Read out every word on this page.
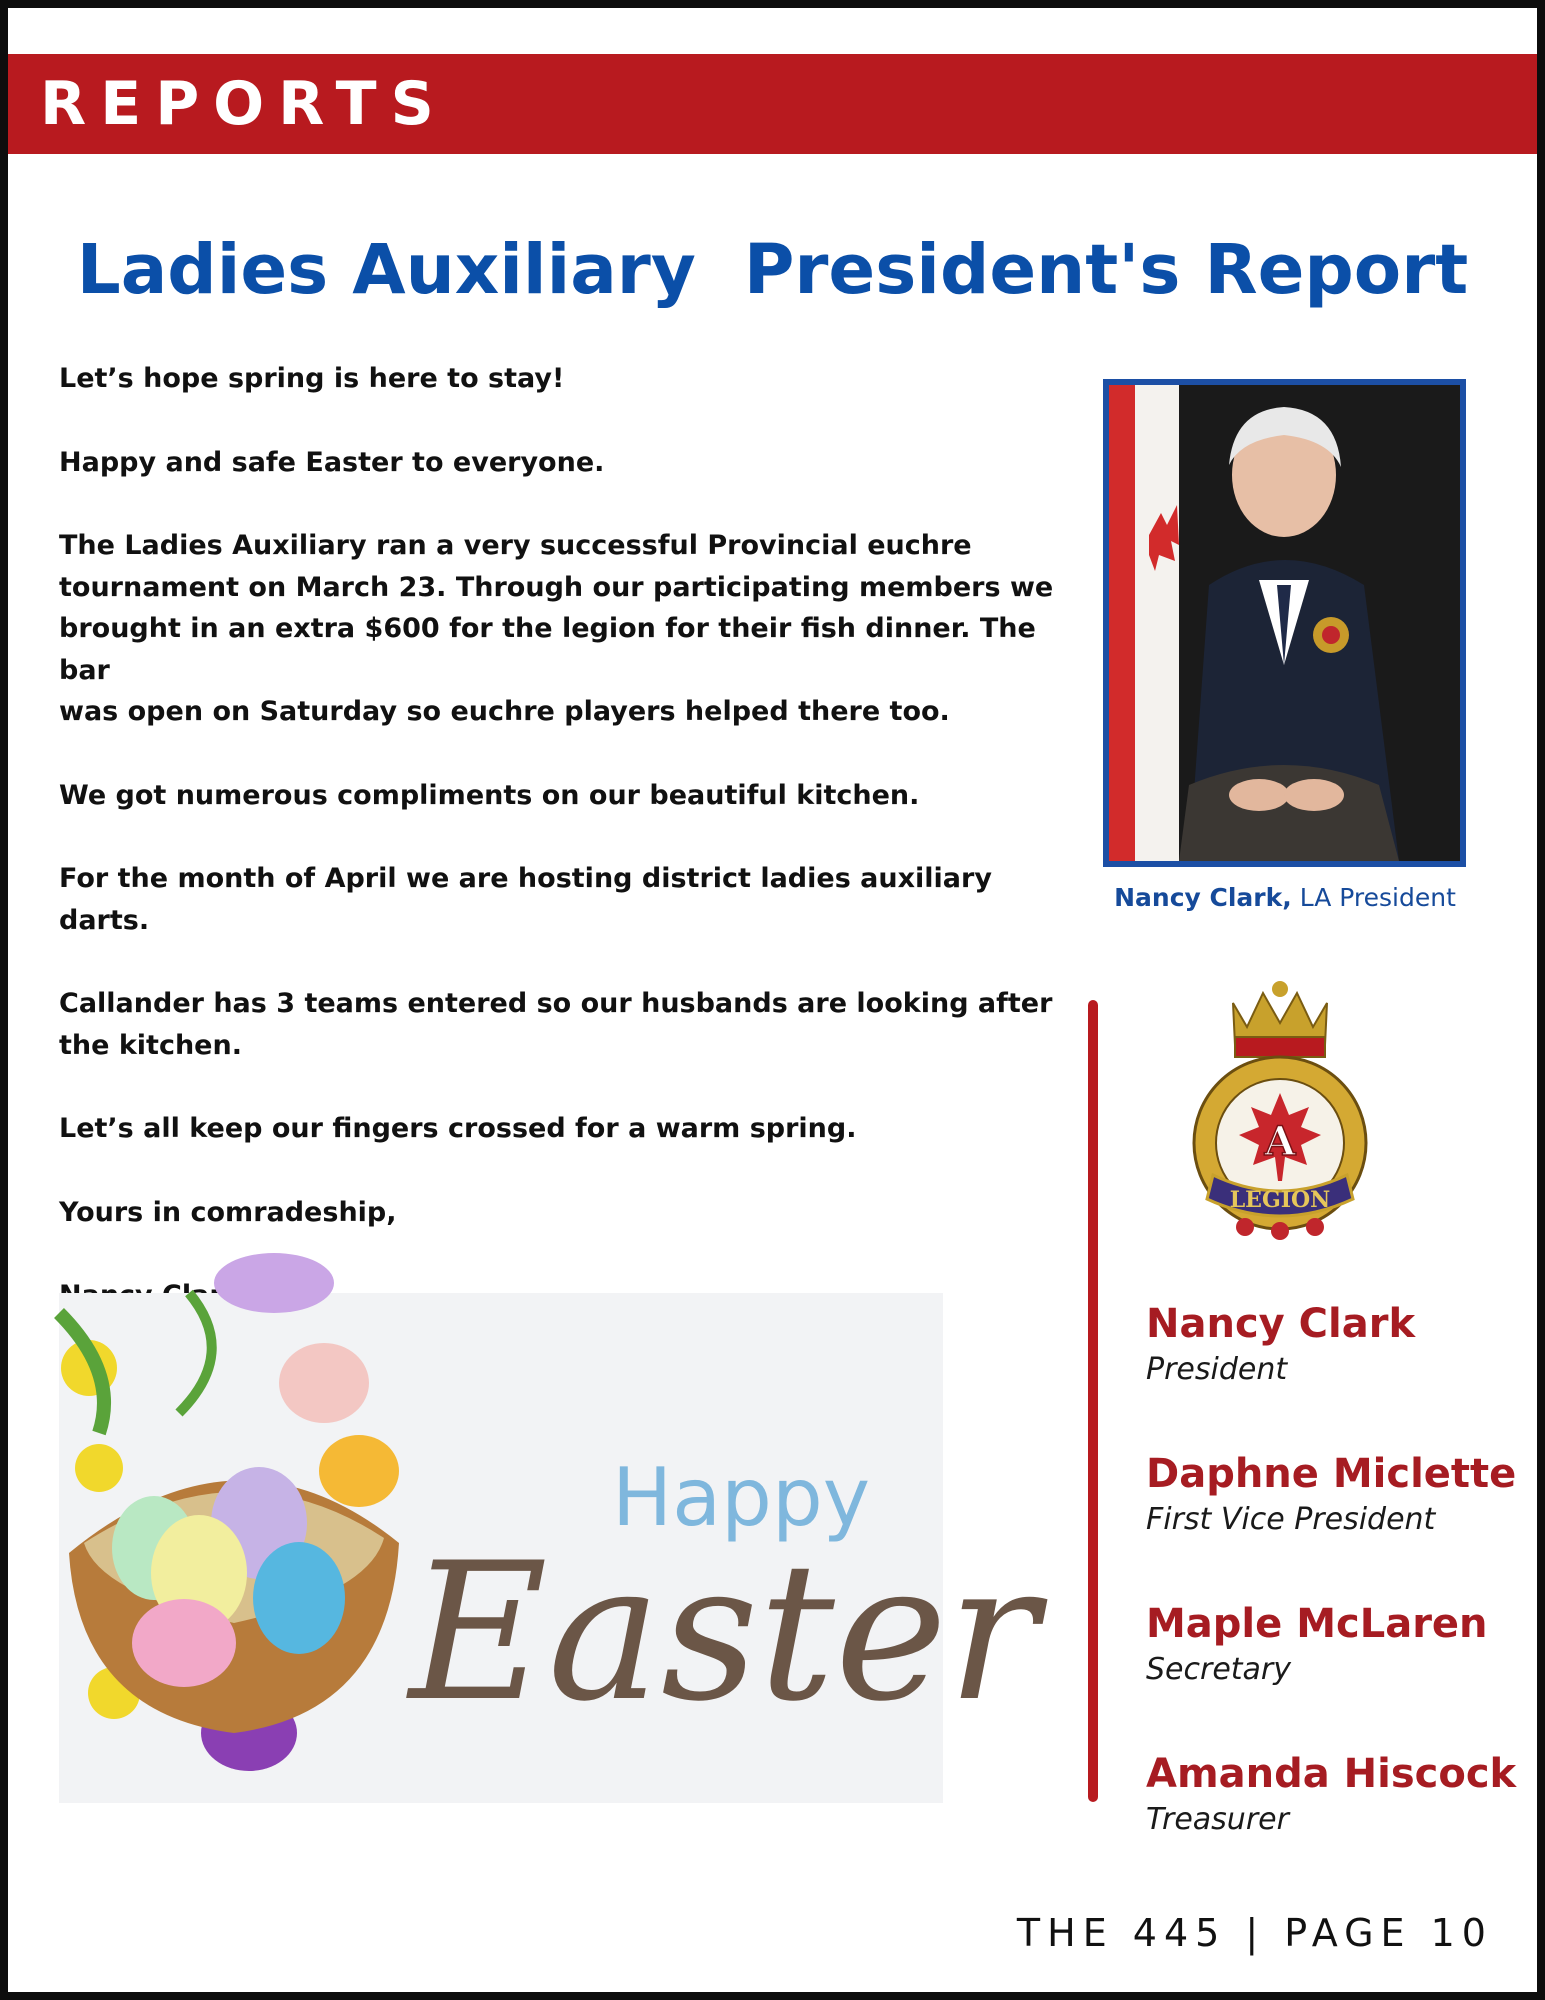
REPORTS
Ladies Auxiliary  President's Report

Let’s hope spring is here to stay!

Happy and safe Easter to everyone.

The Ladies Auxiliary ran a very successful Provincial euchre
tournament on March 23. Through our participating members we
brought in an extra $600 for the legion for their fish dinner. The bar
was open on Saturday so euchre players helped there too.

We got numerous compliments on our beautiful kitchen.

For the month of April we are hosting district ladies auxiliary darts.

Callander has 3 teams entered so our husbands are looking after
the kitchen.

Let’s all keep our fingers crossed for a warm spring.

Yours in comradeship,

Nancy Clark, LA President
A
LEGION
Nancy Clark
President
Daphne Miclette
First Vice President
Maple McLaren
Secretary
Amanda Hiscock
Treasurer
Happy
Easter
THE 445 | PAGE 10
